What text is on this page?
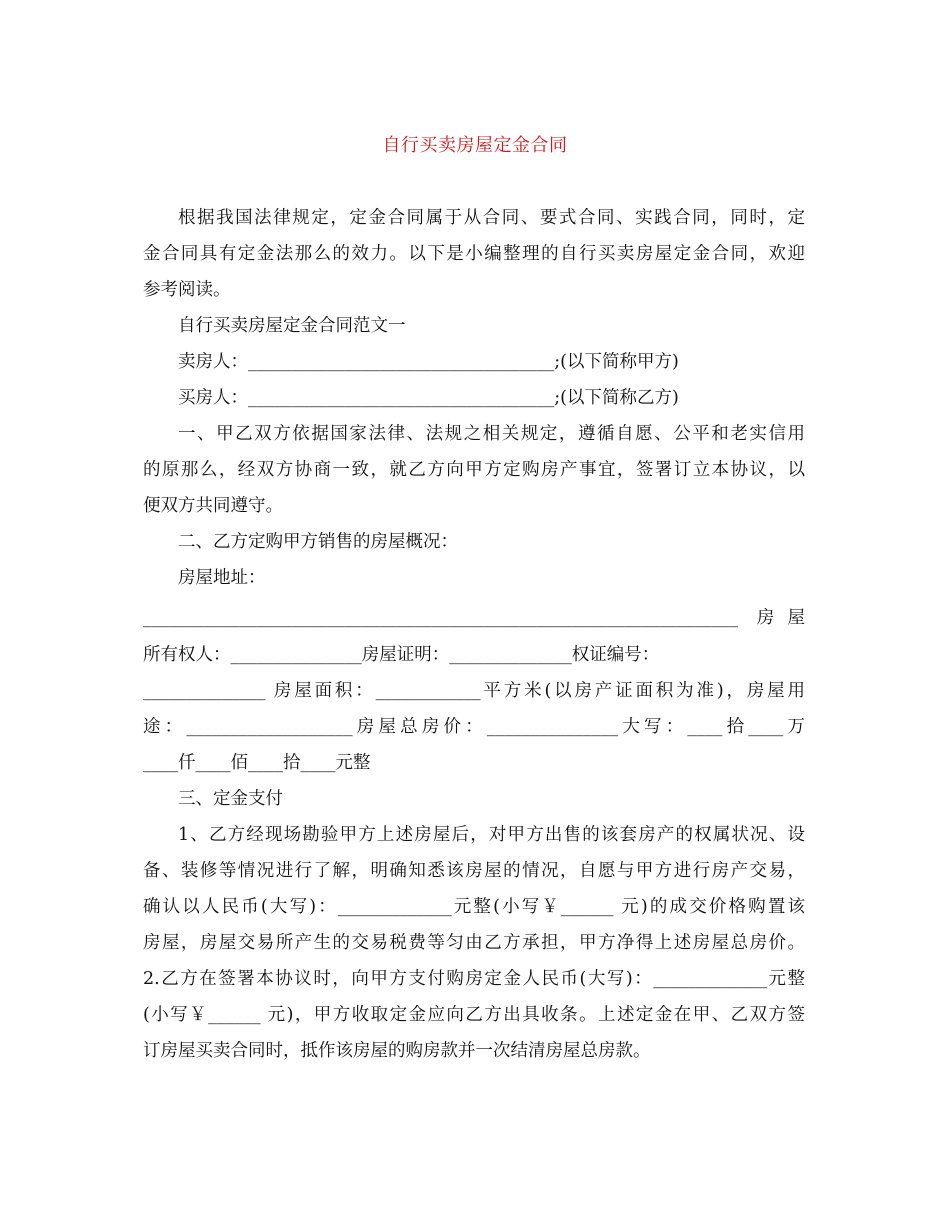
自行买卖房屋定金合同
根据我国法律规定，定金合同属于从合同、要式合同、实践合同，同时，定
金合同具有定金法那么的效力。以下是小编整理的自行买卖房屋定金合同，欢迎
参考阅读。
自行买卖房屋定金合同范文一
卖房人：___________________________________;(以下简称甲方)
买房人：___________________________________;(以下简称乙方)
一、甲乙双方依据国家法律、法规之相关规定，遵循自愿、公平和老实信用
的原那么，经双方协商一致，就乙方向甲方定购房产事宜，签署订立本协议，以
便双方共同遵守。
二、乙方定购甲方销售的房屋概况：
房屋地址：
____________________________________________________________________ 房屋
所有权人：_______________房屋证明：______________权证编号：
______________ 房屋面积：____________平方米(以房产证面积为准)，房屋用
途：___________________房屋总房价：_______________大写：____拾____万
____仟____佰____拾____元整
三、定金支付
1、乙方经现场勘验甲方上述房屋后，对甲方出售的该套房产的权属状况、设
备、装修等情况进行了解，明确知悉该房屋的情况，自愿与甲方进行房产交易，
确认以人民币(大写)：_____________元整(小写￥______ 元)的成交价格购置该
房屋，房屋交易所产生的交易税费等匀由乙方承担，甲方净得上述房屋总房价。
2.乙方在签署本协议时，向甲方支付购房定金人民币(大写)：_____________元整
(小写￥______ 元)，甲方收取定金应向乙方出具收条。上述定金在甲、乙双方签
订房屋买卖合同时，抵作该房屋的购房款并一次结清房屋总房款。
